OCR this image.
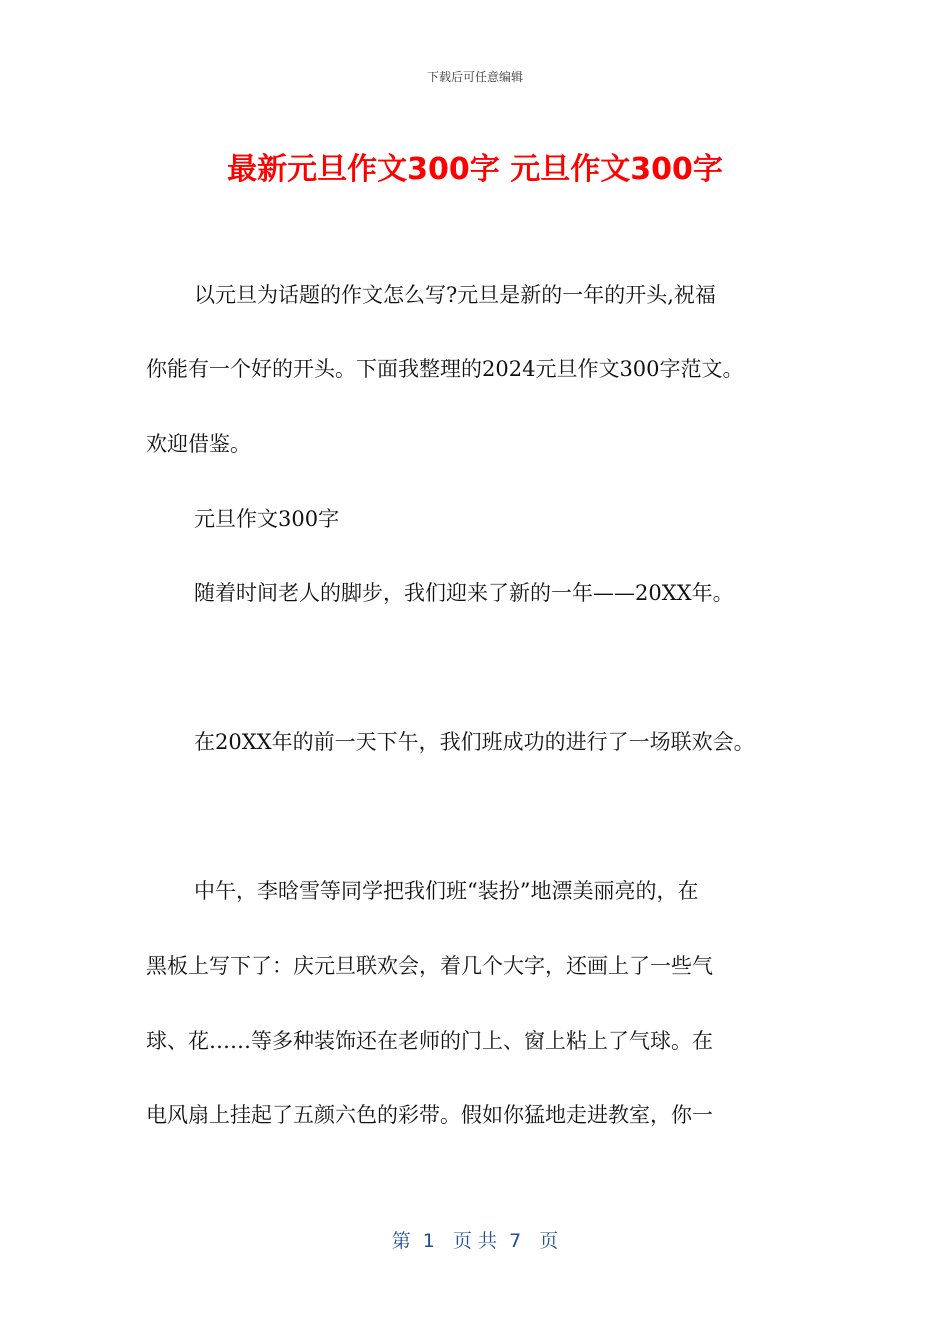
下载后可任意编辑
最新元旦作文300字 元旦作文300字
以元旦为话题的作文怎么写?元旦是新的一年的开头,祝福
你能有一个好的开头。下面我整理的2024元旦作文300字范文。
欢迎借鉴。
元旦作文300字
随着时间老人的脚步，我们迎来了新的一年——20XX年。
在20XX年的前一天下午，我们班成功的进行了一场联欢会。
中午，李晗雪等同学把我们班“装扮”地漂美丽亮的，在
黑板上写下了：庆元旦联欢会，着几个大字，还画上了一些气
球、花……等多种装饰还在老师的门上、窗上粘上了气球。在
电风扇上挂起了五颜六色的彩带。假如你猛地走进教室，你一
第  1   页 共  7   页
